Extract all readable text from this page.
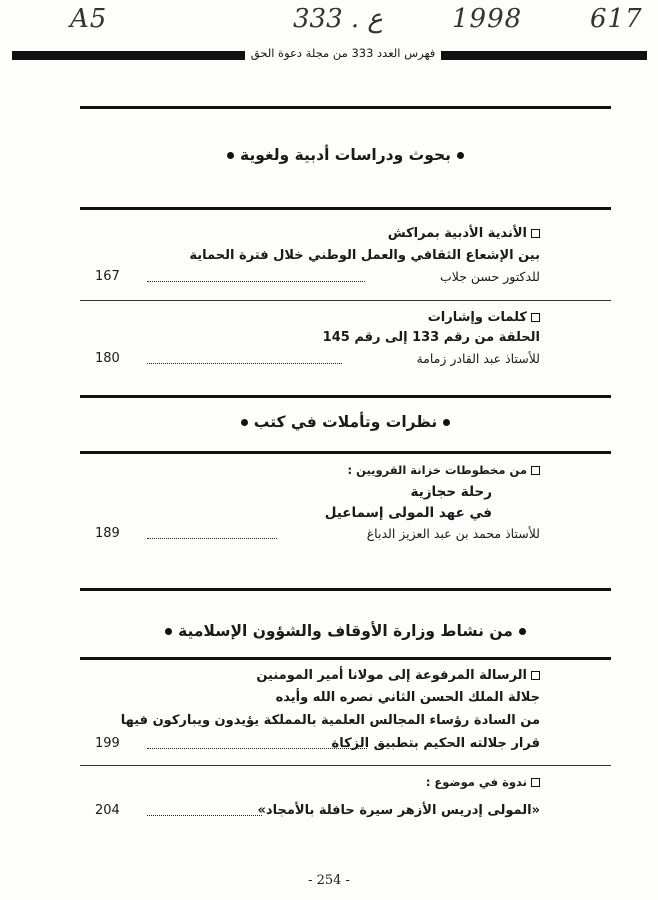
A5	333 . ع	1998	617
فهرس العدد 333 من مجلة دعوة الحق
بحوث ودراسات أدبية ولغوية
الأندية الأدبية بمراكش
بين الإشعاع الثقافي والعمل الوطني خلال فترة الحماية
للدكتور حسن جلاب
167
كلمات وإشارات
الحلقة من رقم 133 إلى رقم 145
للأستاذ عبد القادر زمامة
180
نظرات وتأملات في كتب
من مخطوطات خزانة القرويين :
رحلة حجازية
في عهد المولى إسماعيل
للأستاذ محمد بن عبد العزيز الدباغ
189
من نشاط وزارة الأوقاف والشؤون الإسلامية
الرسالة المرفوعة إلى مولانا أمير المومنين
جلالة الملك الحسن الثاني نصره الله وأيده
من السادة رؤساء المجالس العلمية بالمملكة يؤيدون ويباركون فيها
قرار جلالته الحكيم بتطبيق الزكاة
199
ندوة في موضوع :
«المولى إدريس الأزهر سيرة حافلة بالأمجاد»
204
- 254 -
